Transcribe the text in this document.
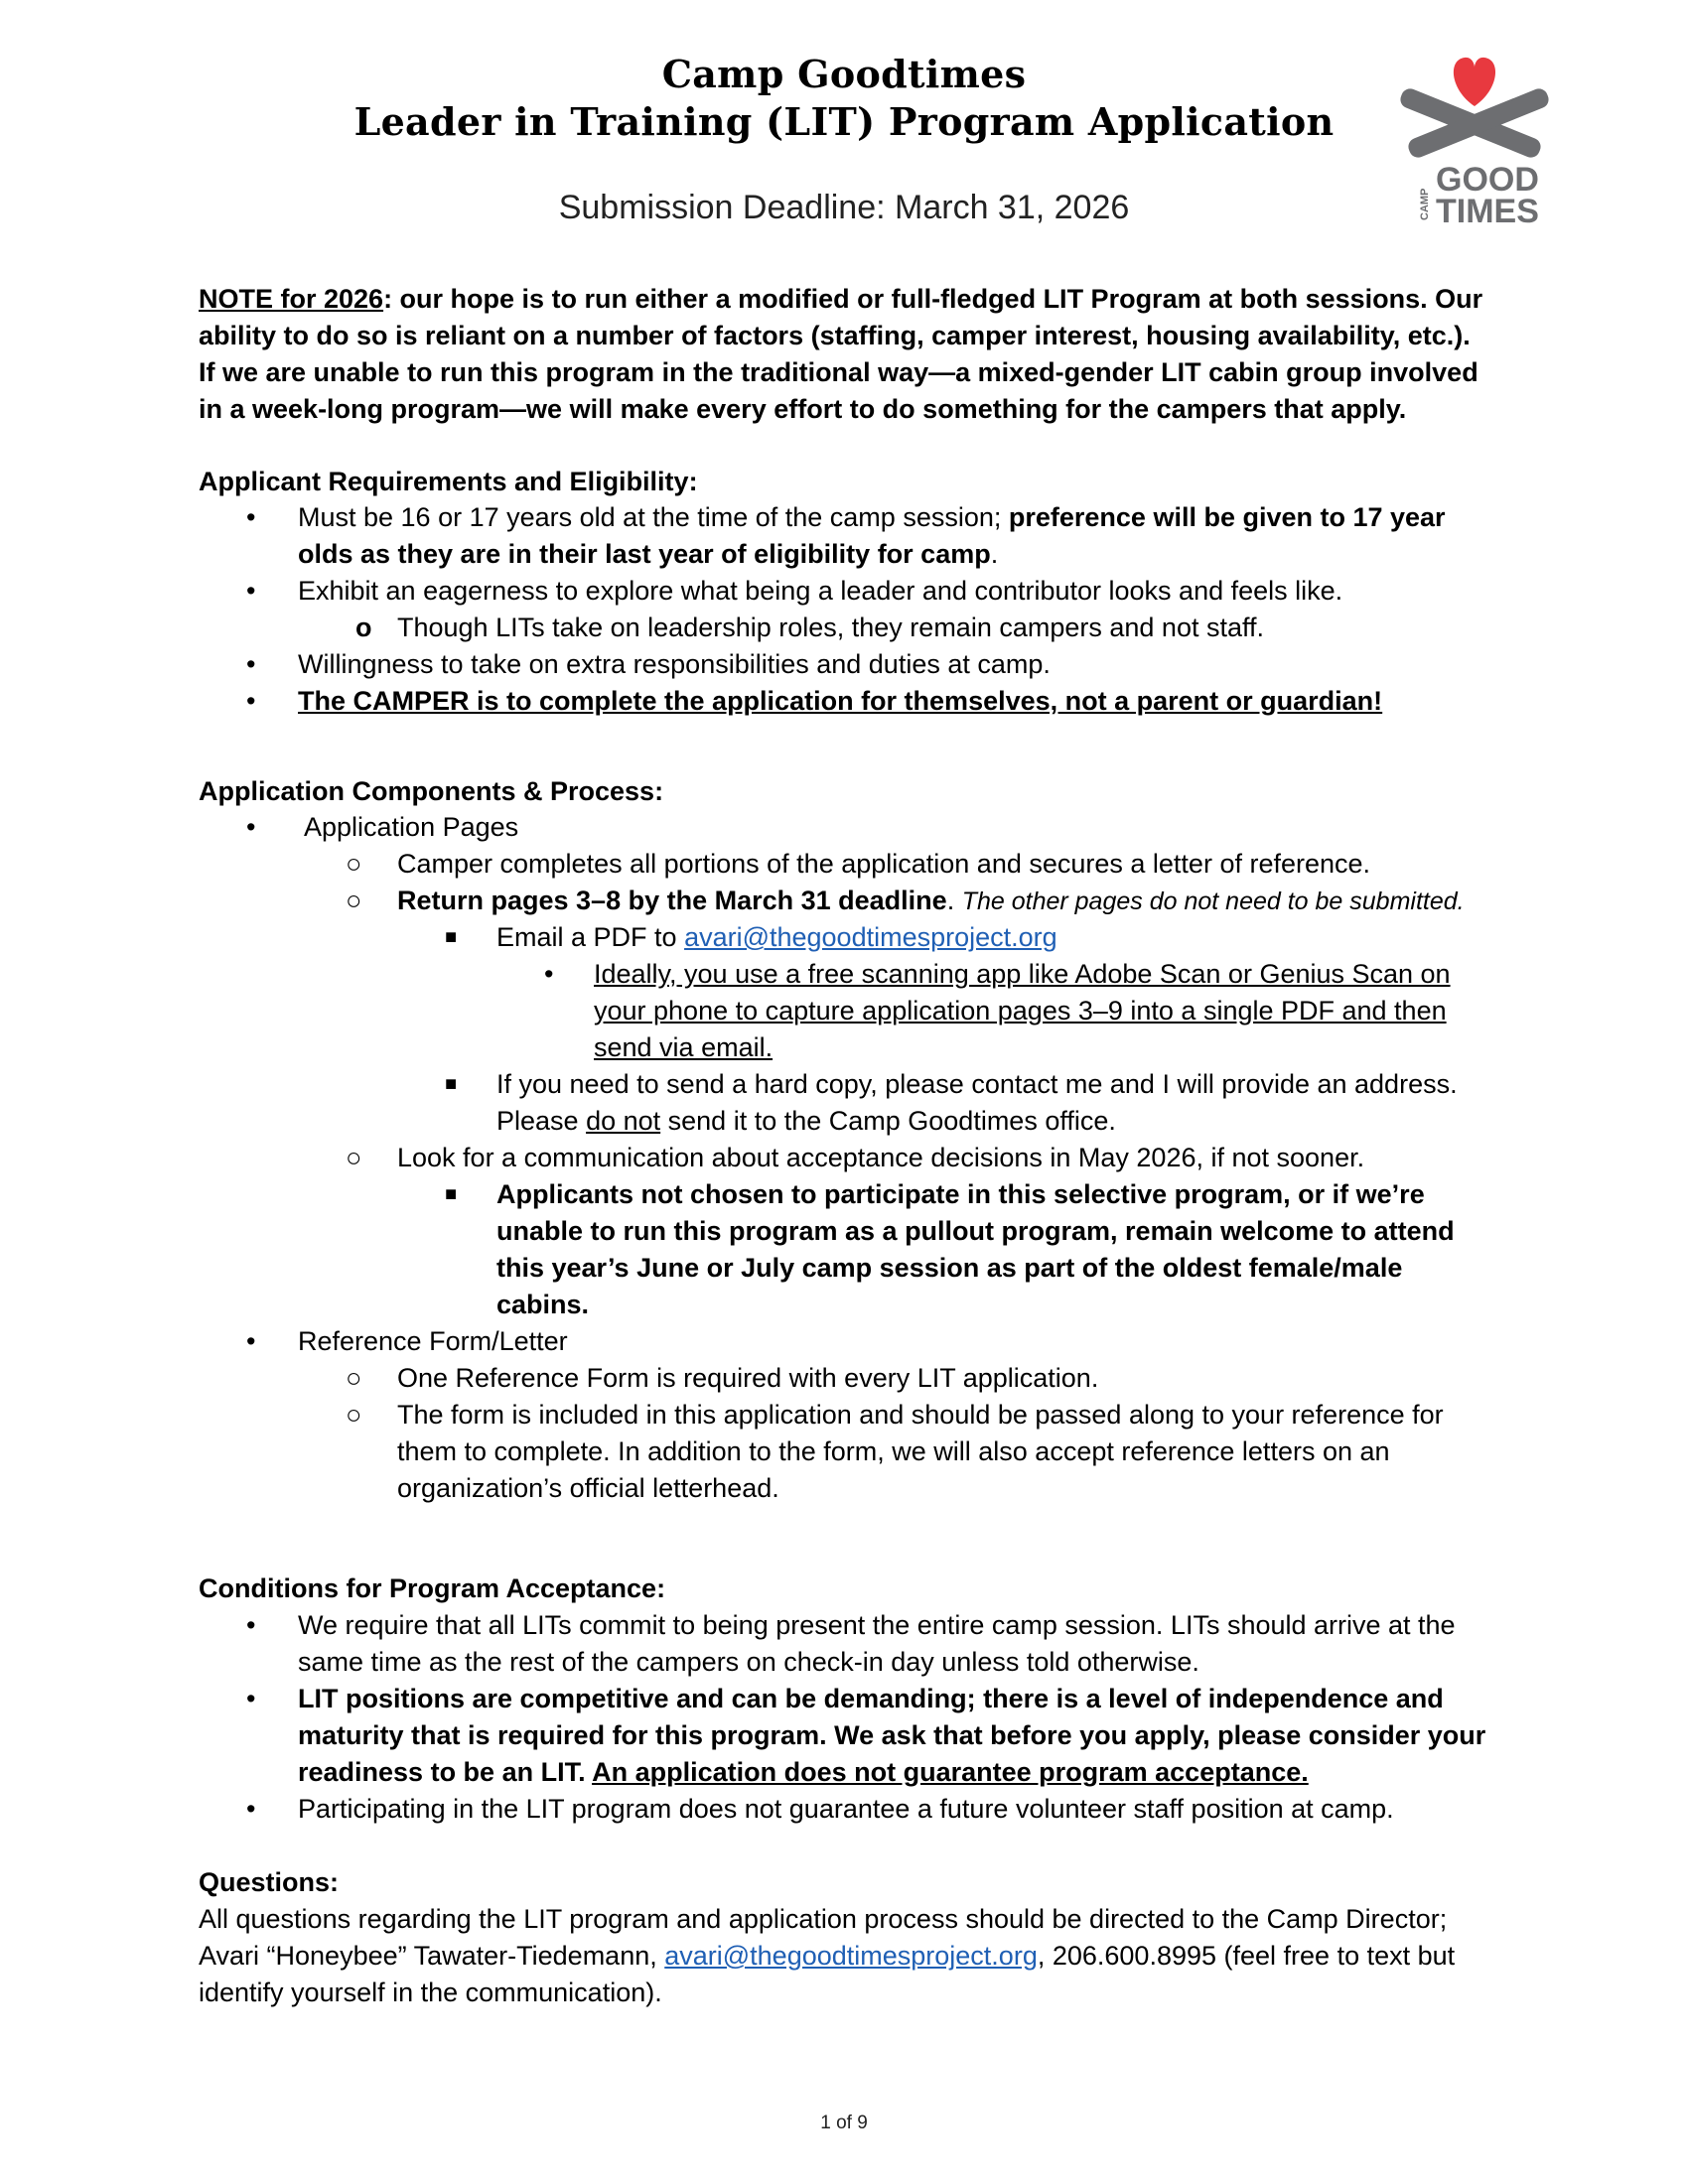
Camp Goodtimes
Leader in Training (LIT) Program Application
Submission Deadline: March 31, 2026	CAMP
GOOD
TIMES
NOTE for 2026: our hope is to run either a modified or full-fledged LIT Program at both sessions. Our ability to do so is reliant on a number of factors (staffing, camper interest, housing availability, etc.). If we are unable to run this program in the traditional way—a mixed-gender LIT cabin group involved in a week-long program—we will make every effort to do something for the campers that apply.
Applicant Requirements and Eligibility:
• Must be 16 or 17 years old at the time of the camp session; preference will be given to 17 year olds as they are in their last year of eligibility for camp.
• Exhibit an eagerness to explore what being a leader and contributor looks and feels like.
o Though LITs take on leadership roles, they remain campers and not staff.
• Willingness to take on extra responsibilities and duties at camp.
• The CAMPER is to complete the application for themselves, not a parent or guardian!
Application Components & Process:
• Application Pages
○ Camper completes all portions of the application and secures a letter of reference.
○ Return pages 3–8 by the March 31 deadline. The other pages do not need to be submitted.
■ Email a PDF to avari@thegoodtimesproject.org
• Ideally, you use a free scanning app like Adobe Scan or Genius Scan on your phone to capture application pages 3–9 into a single PDF and then send via email.
■ If you need to send a hard copy, please contact me and I will provide an address. Please do not send it to the Camp Goodtimes office.
○ Look for a communication about acceptance decisions in May 2026, if not sooner.
■ Applicants not chosen to participate in this selective program, or if we’re unable to run this program as a pullout program, remain welcome to attend this year’s June or July camp session as part of the oldest female/male cabins.
• Reference Form/Letter
○ One Reference Form is required with every LIT application.
○ The form is included in this application and should be passed along to your reference for them to complete. In addition to the form, we will also accept reference letters on an organization’s official letterhead.
Conditions for Program Acceptance:
• We require that all LITs commit to being present the entire camp session. LITs should arrive at the same time as the rest of the campers on check-in day unless told otherwise.
• LIT positions are competitive and can be demanding; there is a level of independence and maturity that is required for this program. We ask that before you apply, please consider your readiness to be an LIT. An application does not guarantee program acceptance.
• Participating in the LIT program does not guarantee a future volunteer staff position at camp.
Questions:
All questions regarding the LIT program and application process should be directed to the Camp Director; Avari “Honeybee” Tawater-Tiedemann, avari@thegoodtimesproject.org, 206.600.8995 (feel free to text but identify yourself in the communication).
1 of 9
